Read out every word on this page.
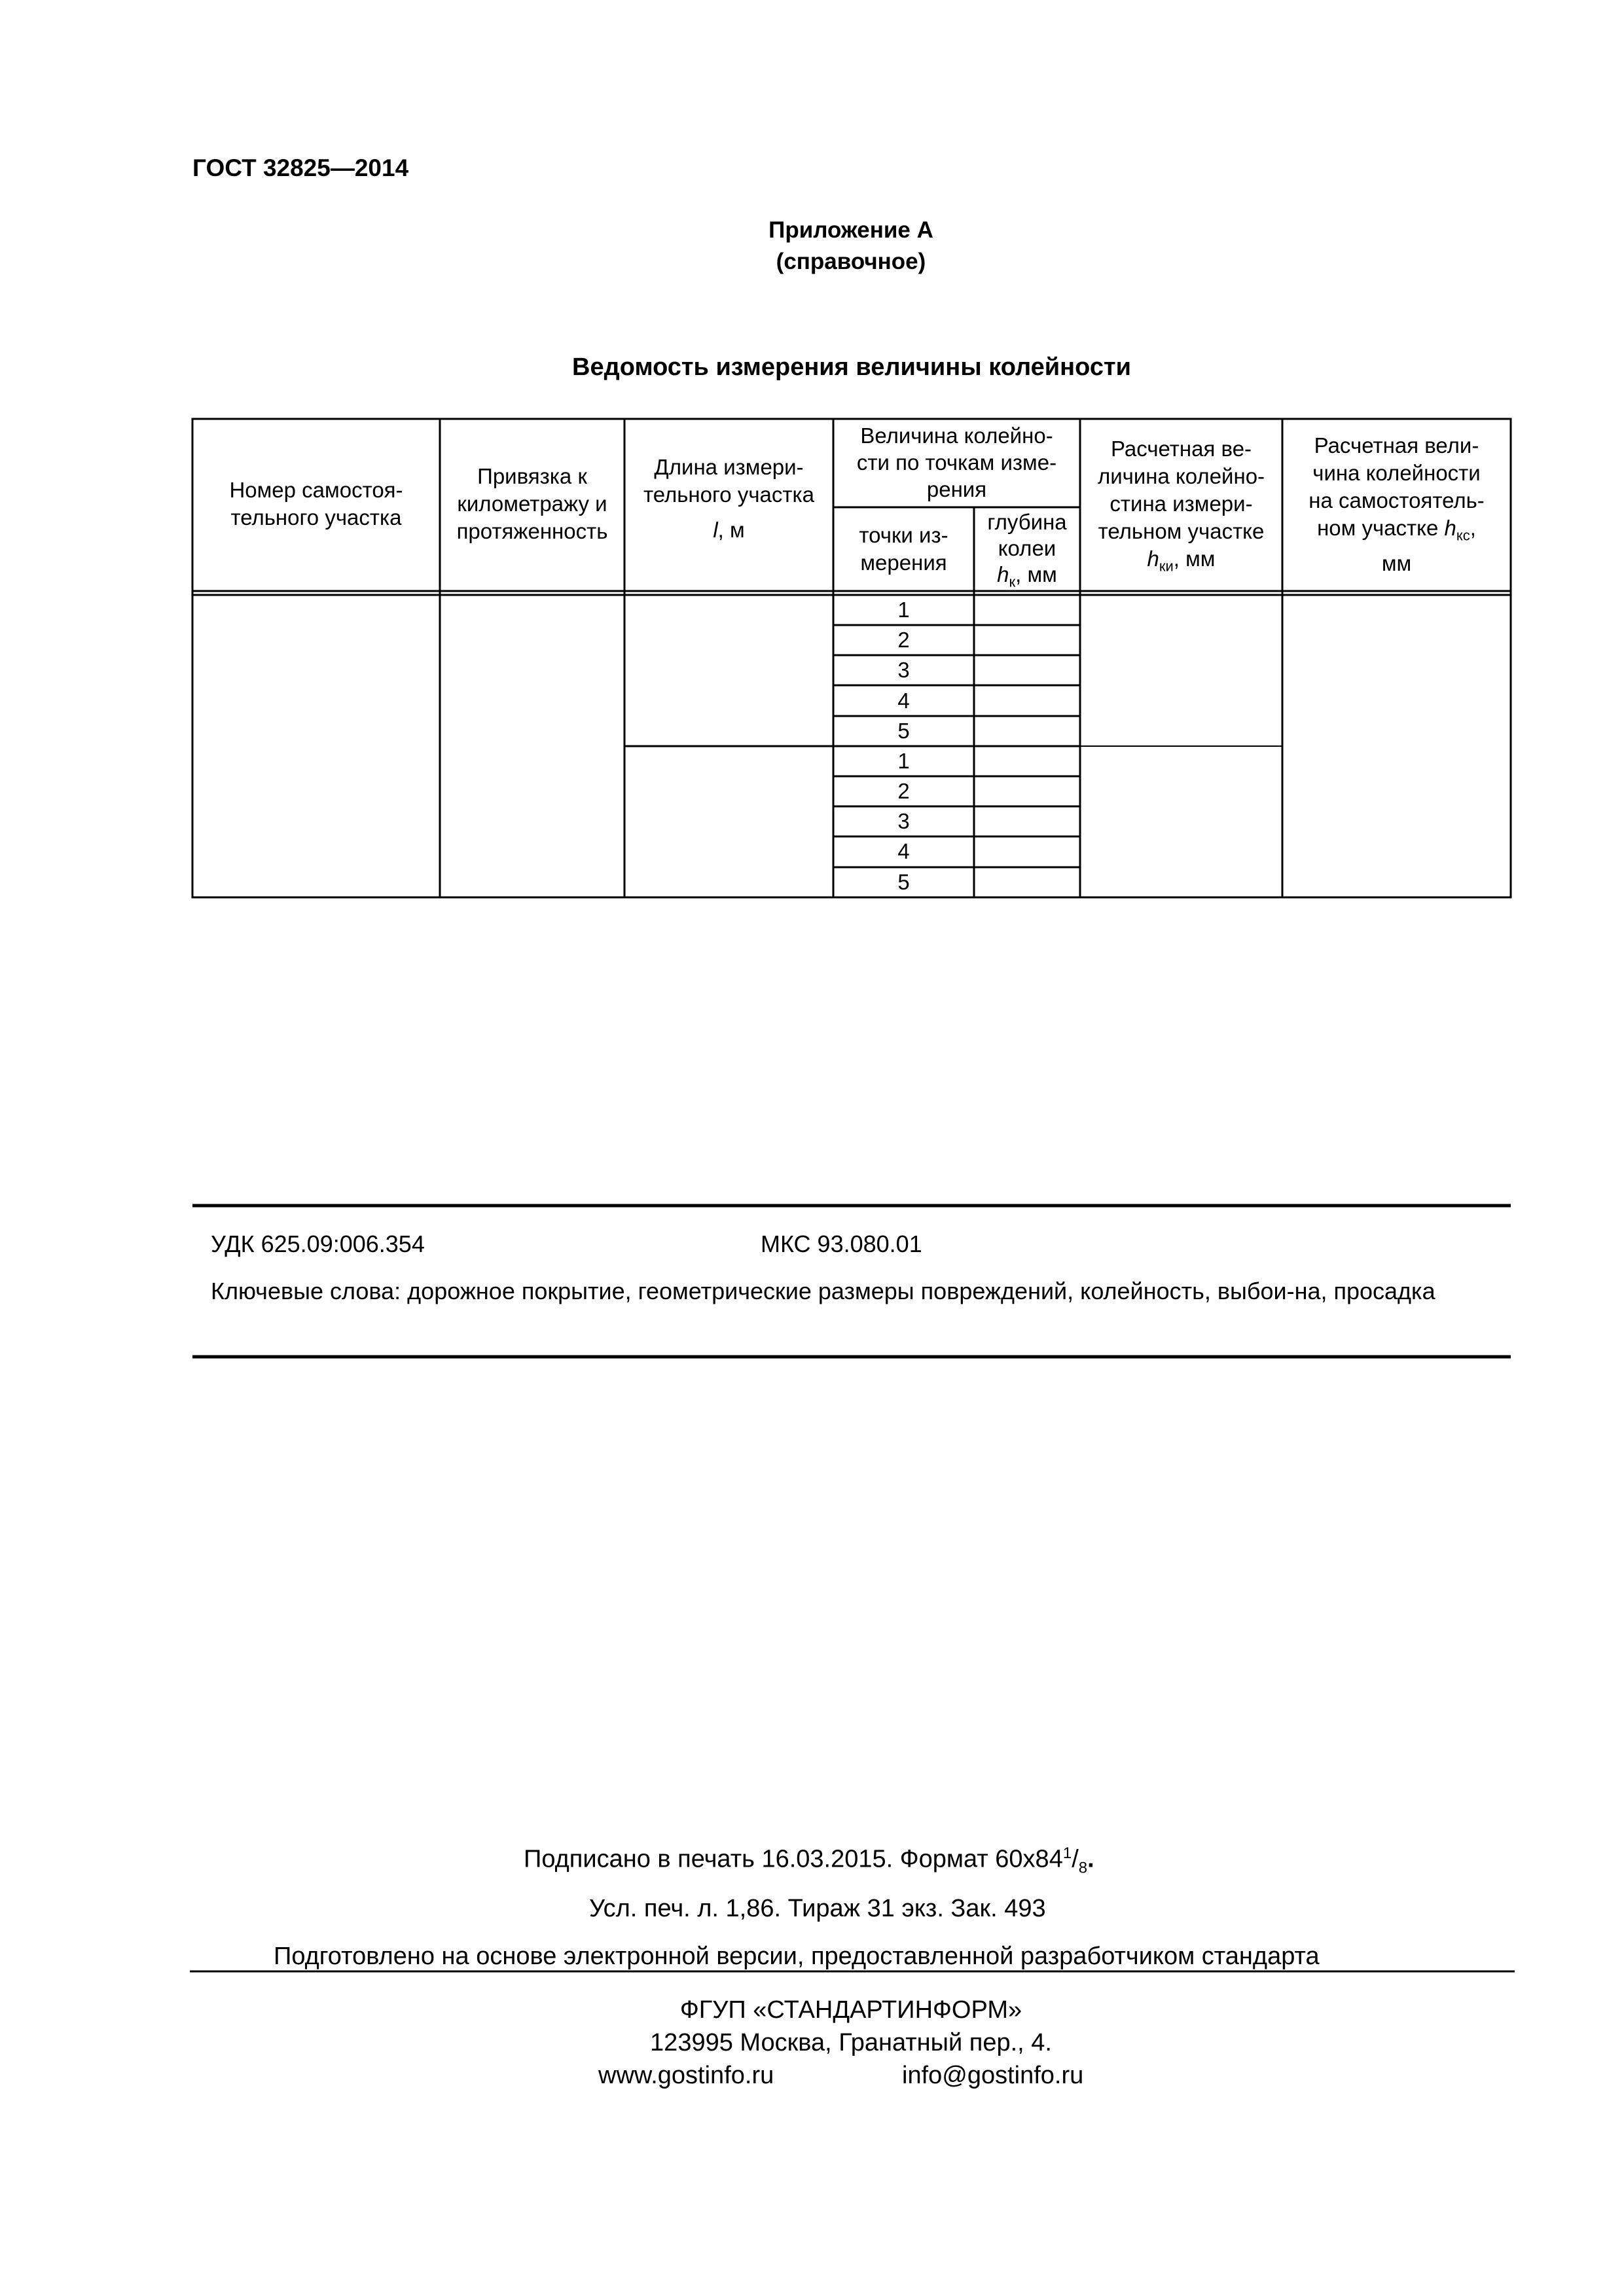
ГОСТ 32825—2014
Приложение А
(справочное)
Ведомость измерения величины колейности
Номер самостоя-
тельного участка
Привязка к
километражу и
протяженность
Длина измери-
тельного участка
l, м
Величина колейно-
сти по точкам изме-
рения
точки из-
мерения
глубина
колеи
$h_к$, мм
Расчетная ве-
личина колейно-
стина измери-
тельном участке
$h_{ки}$, мм
Расчетная вели-
чина колейности
на самостоятель-
ном участке $h_{кс}$,
мм
1
2
3
4
5
1
2
3
4
5
УДК 625.09:006.354	МКС 93.080.01
Ключевые слова: дорожное покрытие, геометрические размеры повреждений, колейность, выбои-на, просадка
Подписано в печать 16.03.2015. Формат $60x84^1/_8$.
Усл. печ. л. 1,86. Тираж 31 экз. Зак. 493
Подготовлено на основе электронной версии, предоставленной разработчиком стандарта
ФГУП «СТАНДАРТИНФОРМ»
123995 Москва, Гранатный пер., 4.
www.gostinfo.ru	info@gostinfo.ru
